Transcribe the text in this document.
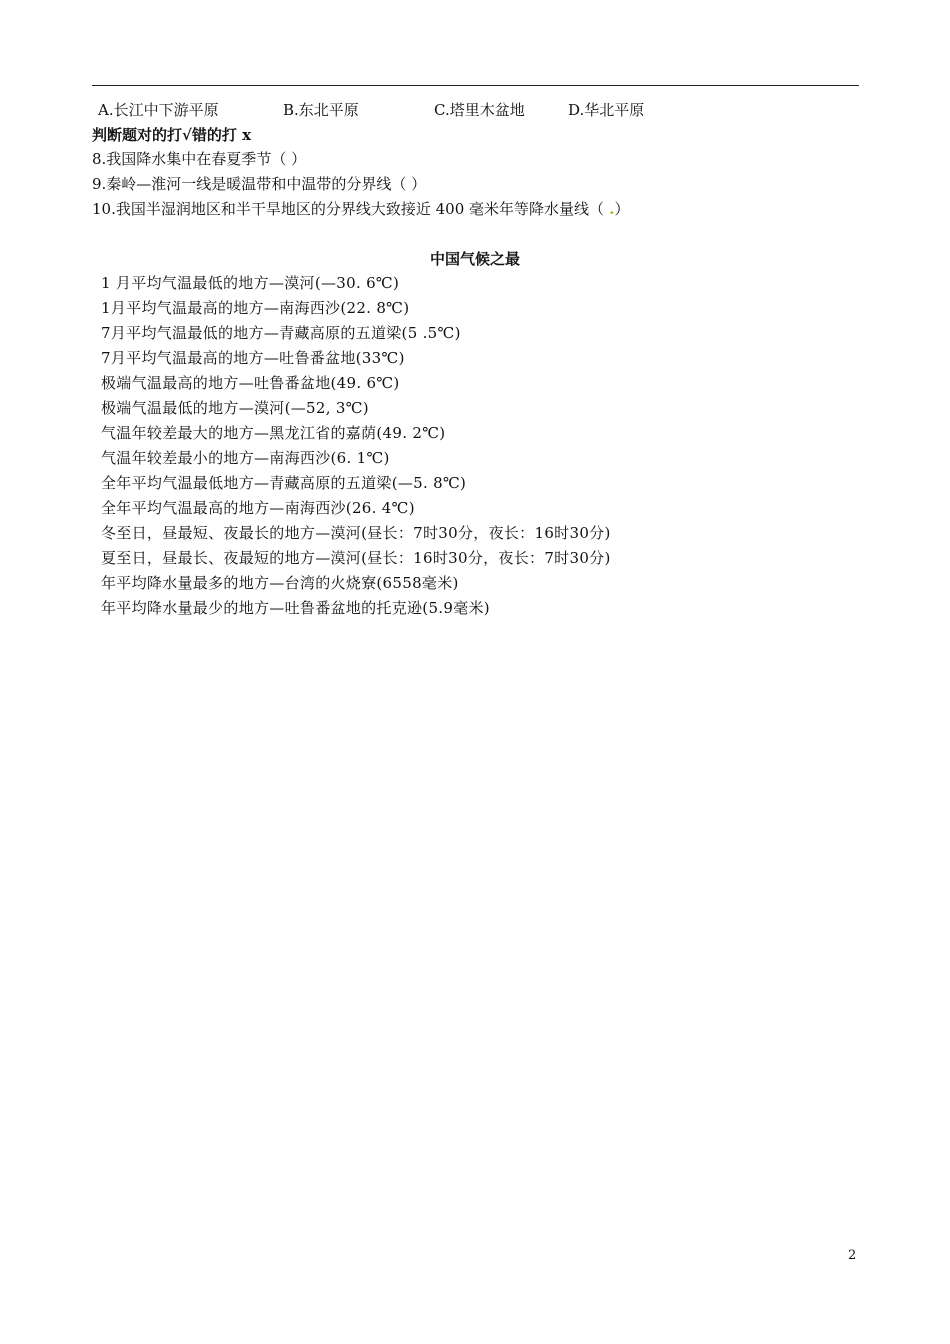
A.长江中下游平原	B.东北平原	C.塔里木盆地	D.华北平原
判断题对的打√错的打 x
8.我国降水集中在春夏季节（ ）
9.秦岭—淮河一线是暖温带和中温带的分界线（ ）
10.我国半湿润地区和半干旱地区的分界线大致接近 400 毫米年等降水量线（ .）
中国气候之最
1 月平均气温最低的地方—漠河(—30. 6℃)
1月平均气温最高的地方—南海西沙(22. 8℃)
7月平均气温最低的地方—青藏高原的五道梁(5 .5℃)
7月平均气温最高的地方—吐鲁番盆地(33℃)
极端气温最高的地方—吐鲁番盆地(49. 6℃)
极端气温最低的地方—漠河(—52, 3℃)
气温年较差最大的地方—黑龙江省的嘉荫(49. 2℃)
气温年较差最小的地方—南海西沙(6. 1℃)
全年平均气温最低地方—青藏高原的五道梁(—5. 8℃)
全年平均气温最高的地方—南海西沙(26. 4℃)
冬至日，昼最短、夜最长的地方—漠河(昼长：7时30分，夜长：16时30分)
夏至日，昼最长、夜最短的地方—漠河(昼长：16时30分，夜长：7时30分)
年平均降水量最多的地方—台湾的火烧寮(6558毫米)
年平均降水量最少的地方—吐鲁番盆地的托克逊(5.9毫米)
2
